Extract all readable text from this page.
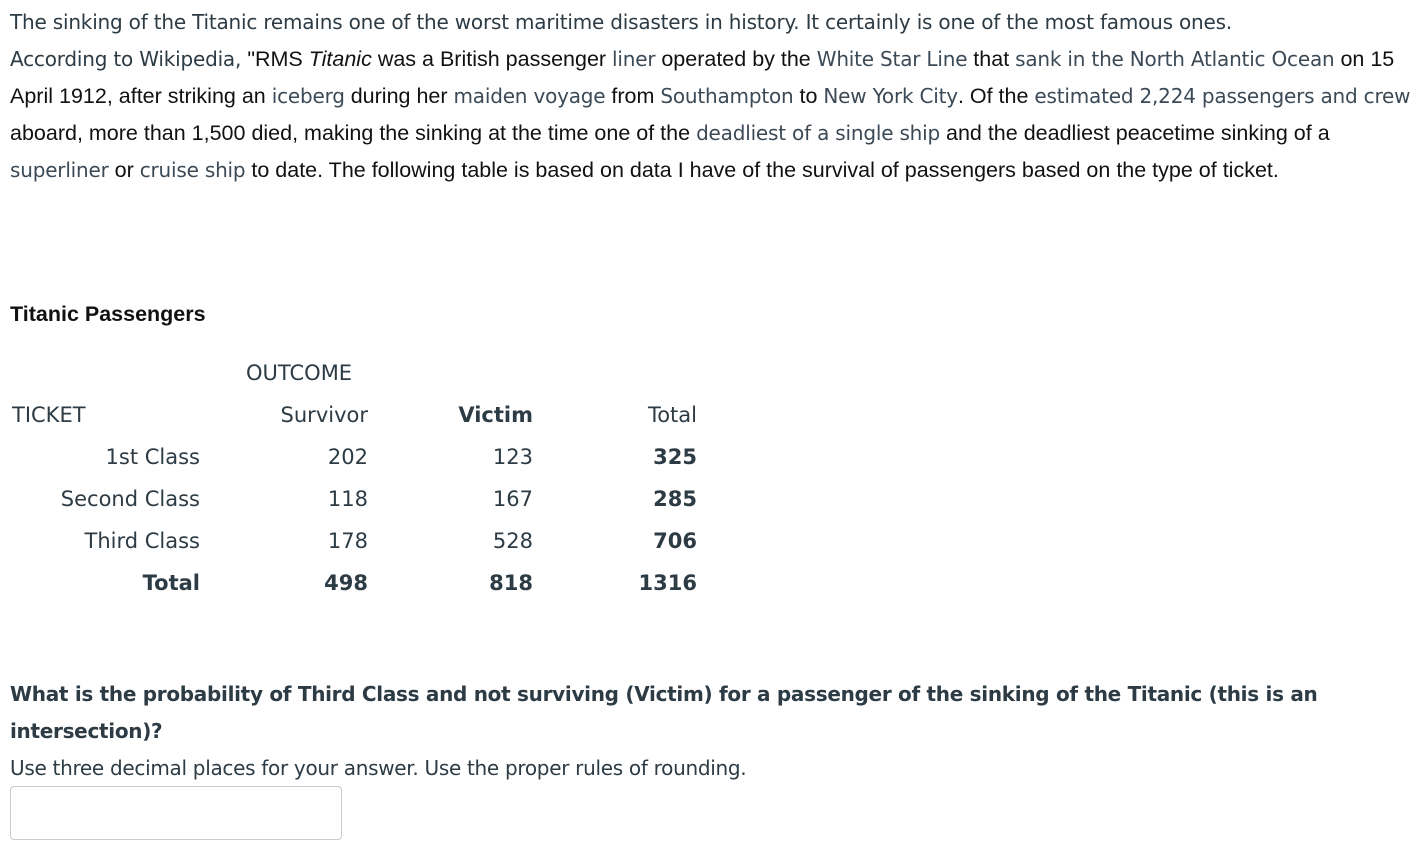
The sinking of the Titanic remains one of the worst maritime disasters in history. It certainly is one of the most famous ones.
According to Wikipedia, "RMS Titanic was a British passenger liner operated by the White Star Line that sank in the North Atlantic Ocean on 15 April 1912, after striking an iceberg during her maiden voyage from Southampton to New York City. Of the estimated 2,224 passengers and crew aboard, more than 1,500 died, making the sinking at the time one of the deadliest of a single ship and the deadliest peacetime sinking of a superliner or cruise ship to date. The following table is based on data I have of the survival of passengers based on the type of ticket.
Titanic Passengers
OUTCOME
TICKET	Survivor	Victim	Total
1st Class	202	123	325
Second Class	118	167	285
Third Class	178	528	706
Total	498	818	1316
What is the probability of Third Class and not surviving (Victim) for a passenger of the sinking of the Titanic (this is an intersection)?
Use three decimal places for your answer. Use the proper rules of rounding.
